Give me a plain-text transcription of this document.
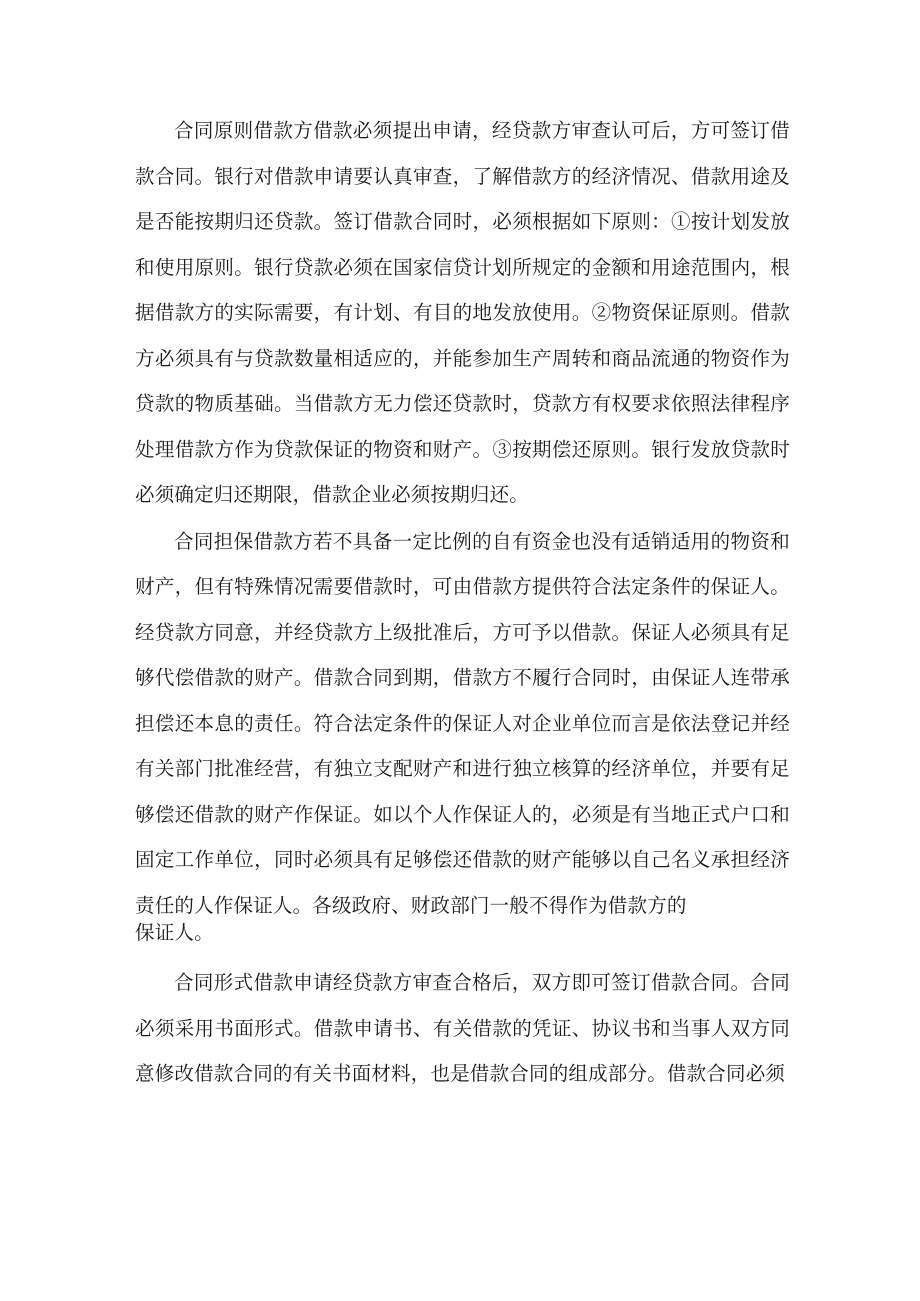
合同原则借款方借款必须提出申请，经贷款方审查认可后，方可签订借款合同。银行对借款申请要认真审查，了解借款方的经济情况、借款用途及是否能按期归还贷款。签订借款合同时，必须根据如下原则：①按计划发放和使用原则。银行贷款必须在国家信贷计划所规定的金额和用途范围内，根据借款方的实际需要，有计划、有目的地发放使用。②物资保证原则。借款方必须具有与贷款数量相适应的，并能参加生产周转和商品流通的物资作为贷款的物质基础。当借款方无力偿还贷款时，贷款方有权要求依照法律程序处理借款方作为贷款保证的物资和财产。③按期偿还原则。银行发放贷款时必须确定归还期限，借款企业必须按期归还。

合同担保借款方若不具备一定比例的自有资金也没有适销适用的物资和财产，但有特殊情况需要借款时，可由借款方提供符合法定条件的保证人。经贷款方同意，并经贷款方上级批准后，方可予以借款。保证人必须具有足够代偿借款的财产。借款合同到期，借款方不履行合同时，由保证人连带承担偿还本息的责任。符合法定条件的保证人对企业单位而言是依法登记并经有关部门批准经营，有独立支配财产和进行独立核算的经济单位，并要有足够偿还借款的财产作保证。如以个人作保证人的，必须是有当地正式户口和固定工作单位，同时必须具有足够偿还借款的财产能够以自己名义承担经济责任的人作保证人。各级政府、财政部门一般不得作为借款方的
保证人。

合同形式借款申请经贷款方审查合格后，双方即可签订借款合同。合同必须采用书面形式。借款申请书、有关借款的凭证、协议书和当事人双方同意修改借款合同的有关书面材料，也是借款合同的组成部分。借款合同必须
